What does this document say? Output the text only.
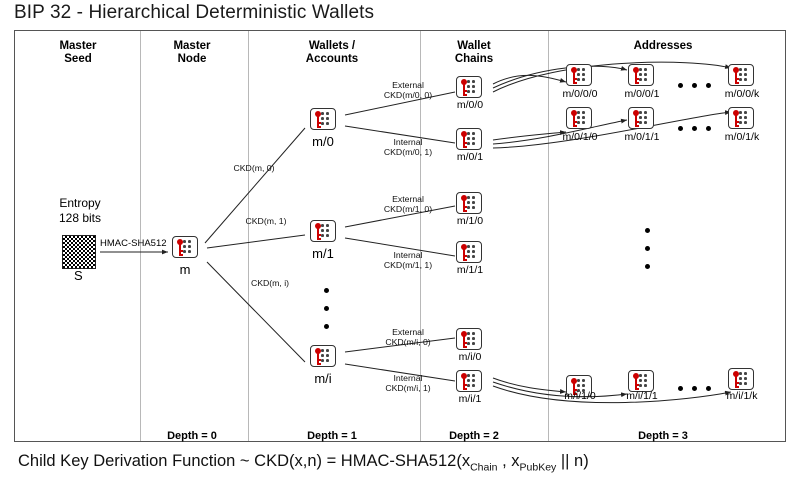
BIP 32 - Hierarchical Deterministic Wallets
Master
Seed
Master
Node
Wallets /
Accounts
Wallet
Chains
Addresses
Depth = 0	Depth = 1	Depth = 2	Depth = 3
Entropy
128 bits
S
HMAC-SHA512
m
CKD(m, 0)
CKD(m, 1)
CKD(m, i)
m/0
m/1
m/i
External
CKD(m/0, 0)
Internal
CKD(m/0, 1)
External
CKD(m/1, 0)
Internal
CKD(m/1, 1)
External
CKD(m/i, 0)
Internal
CKD(m/i, 1)
m/0/0
m/0/1
m/1/0
m/1/1
m/i/0
m/i/1
m/0/0/0	m/0/0/1	m/0/0/k
m/0/1/0	m/0/1/1	m/0/1/k
m/i/1/0	m/i/1/1	m/i/1/k
Child Key Derivation Function ~ CKD(x,n) = HMAC-$SHA512(x_{Chain}$ , $x_{PubKey}$ || n)
